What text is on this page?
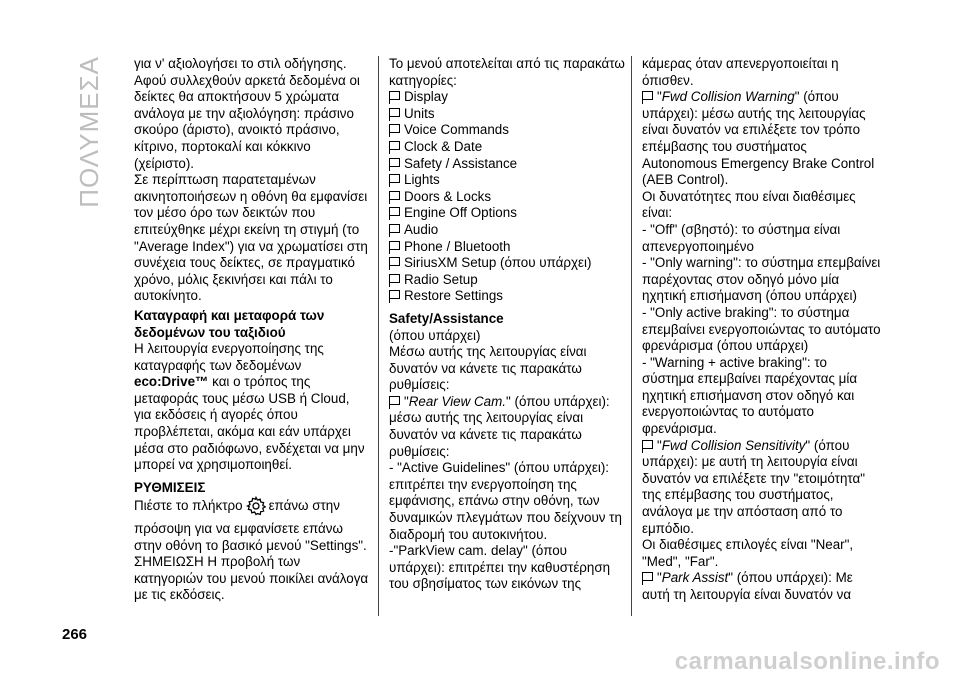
ΠΟΛΥΜΕΣΑ
266

για ν' αξιολογήσει το στιλ οδήγησης. Αφού συλλεχθούν αρκετά δεδομένα οι δείκτες θα αποκτήσουν 5 χρώματα ανάλογα με την αξιολόγηση: πράσινο σκούρο (άριστο), ανοικτό πράσινο, κίτρινο, πορτοκαλί και κόκκινο (χείριστο).

Σε περίπτωση παρατεταμένων ακινητοποιήσεων η οθόνη θα εμφανίσει τον μέσο όρο των δεικτών που επιτεύχθηκε μέχρι εκείνη τη στιγμή (το "Average Index") για να χρωματίσει στη συνέχεια τους δείκτες, σε πραγματικό χρόνο, μόλις ξεκινήσει και πάλι το αυτοκίνητο.

Καταγραφή και μεταφορά των δεδομένων του ταξιδιού

Η λειτουργία ενεργοποίησης της καταγραφής των δεδομένων eco:Drive™ και ο τρόπος της μεταφοράς τους μέσω USB ή Cloud, για εκδόσεις ή αγορές όπου προβλέπεται, ακόμα και εάν υπάρχει μέσα στο ραδιόφωνο, ενδέχεται να μην μπορεί να χρησιμοποιηθεί.

ΡΥΘΜΙΣΕΙΣ

Πιέστε το πλήκτρο επάνω στην πρόσοψη για να εμφανίσετε επάνω στην οθόνη το βασικό μενού "Settings".

ΣΗΜΕΙΩΣΗ Η προβολή των κατηγοριών του μενού ποικίλει ανάλογα με τις εκδόσεις.

Το μενού αποτελείται από τις παρακάτω κατηγορίες:

Display
Units
Voice Commands
Clock & Date
Safety / Assistance
Lights
Doors & Locks
Engine Off Options
Audio
Phone / Bluetooth
SiriusXM Setup (όπου υπάρχει)
Radio Setup
Restore Settings

Safety/Assistance

(όπου υπάρχει)

Μέσω αυτής της λειτουργίας είναι δυνατόν να κάνετε τις παρακάτω ρυθμίσεις:

"Rear View Cam." (όπου υπάρχει): μέσω αυτής της λειτουργίας είναι δυνατόν να κάνετε τις παρακάτω ρυθμίσεις:

- "Active Guidelines" (όπου υπάρχει): επιτρέπει την ενεργοποίηση της εμφάνισης, επάνω στην οθόνη, των δυναμικών πλεγμάτων που δείχνουν τη διαδρομή του αυτοκινήτου.

-"ParkView cam. delay" (όπου υπάρχει): επιτρέπει την καθυστέρηση του σβησίματος των εικόνων της

κάμερας όταν απενεργοποιείται η όπισθεν.

"Fwd Collision Warning" (όπου υπάρχει): μέσω αυτής της λειτουργίας είναι δυνατόν να επιλέξετε τον τρόπο επέμβασης του συστήματος Autonomous Emergency Brake Control (AEB Control).

Οι δυνατότητες που είναι διαθέσιμες είναι:

- "Off" (σβηστό): το σύστημα είναι απενεργοποιημένο

- "Only warning": το σύστημα επεμβαίνει παρέχοντας στον οδηγό μόνο μία ηχητική επισήμανση (όπου υπάρχει)

- "Only active braking": το σύστημα επεμβαίνει ενεργοποιώντας το αυτόματο φρενάρισμα (όπου υπάρχει)

- "Warning + active braking": το σύστημα επεμβαίνει παρέχοντας μία ηχητική επισήμανση στον οδηγό και ενεργοποιώντας το αυτόματο φρενάρισμα.

"Fwd Collision Sensitivity" (όπου υπάρχει): με αυτή τη λειτουργία είναι δυνατόν να επιλέξετε την "ετοιμότητα" της επέμβασης του συστήματος, ανάλογα με την απόσταση από το εμπόδιο.

Οι διαθέσιμες επιλογές είναι "Near", "Med", "Far".

"Park Assist" (όπου υπάρχει): Με αυτή τη λειτουργία είναι δυνατόν να

carmanualsonline.info
